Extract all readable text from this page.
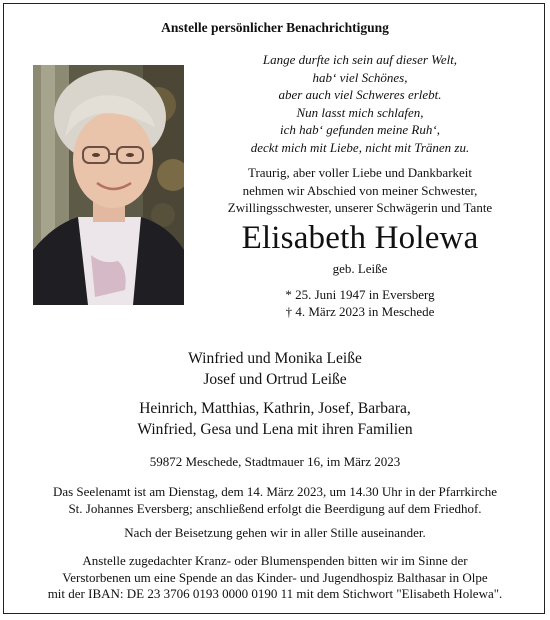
Anstelle persönlicher Benachrichtigung
Lange durfte ich sein auf dieser Welt,
hab‘ viel Schönes,
aber auch viel Schweres erlebt.
Nun lasst mich schlafen,
ich hab‘ gefunden meine Ruh‘,
deckt mich mit Liebe, nicht mit Tränen zu.
Traurig, aber voller Liebe und Dankbarkeit
nehmen wir Abschied von meiner Schwester,
Zwillingsschwester, unserer Schwägerin und Tante
Elisabeth Holewa
geb. Leiße
* 25. Juni 1947 in Eversberg
† 4. März 2023 in Meschede
Winfried und Monika Leiße
Josef und Ortrud Leiße
Heinrich, Matthias, Kathrin, Josef, Barbara,
Winfried, Gesa und Lena mit ihren Familien
59872 Meschede, Stadtmauer 16, im März 2023
Das Seelenamt ist am Dienstag, dem 14. März 2023, um 14.30 Uhr in der Pfarrkirche
St. Johannes Eversberg; anschließend erfolgt die Beerdigung auf dem Friedhof.
Nach der Beisetzung gehen wir in aller Stille auseinander.
Anstelle zugedachter Kranz- oder Blumenspenden bitten wir im Sinne der
Verstorbenen um eine Spende an das Kinder- und Jugendhospiz Balthasar in Olpe
mit der IBAN: DE 23 3706 0193 0000 0190 11 mit dem Stichwort "Elisabeth Holewa".
